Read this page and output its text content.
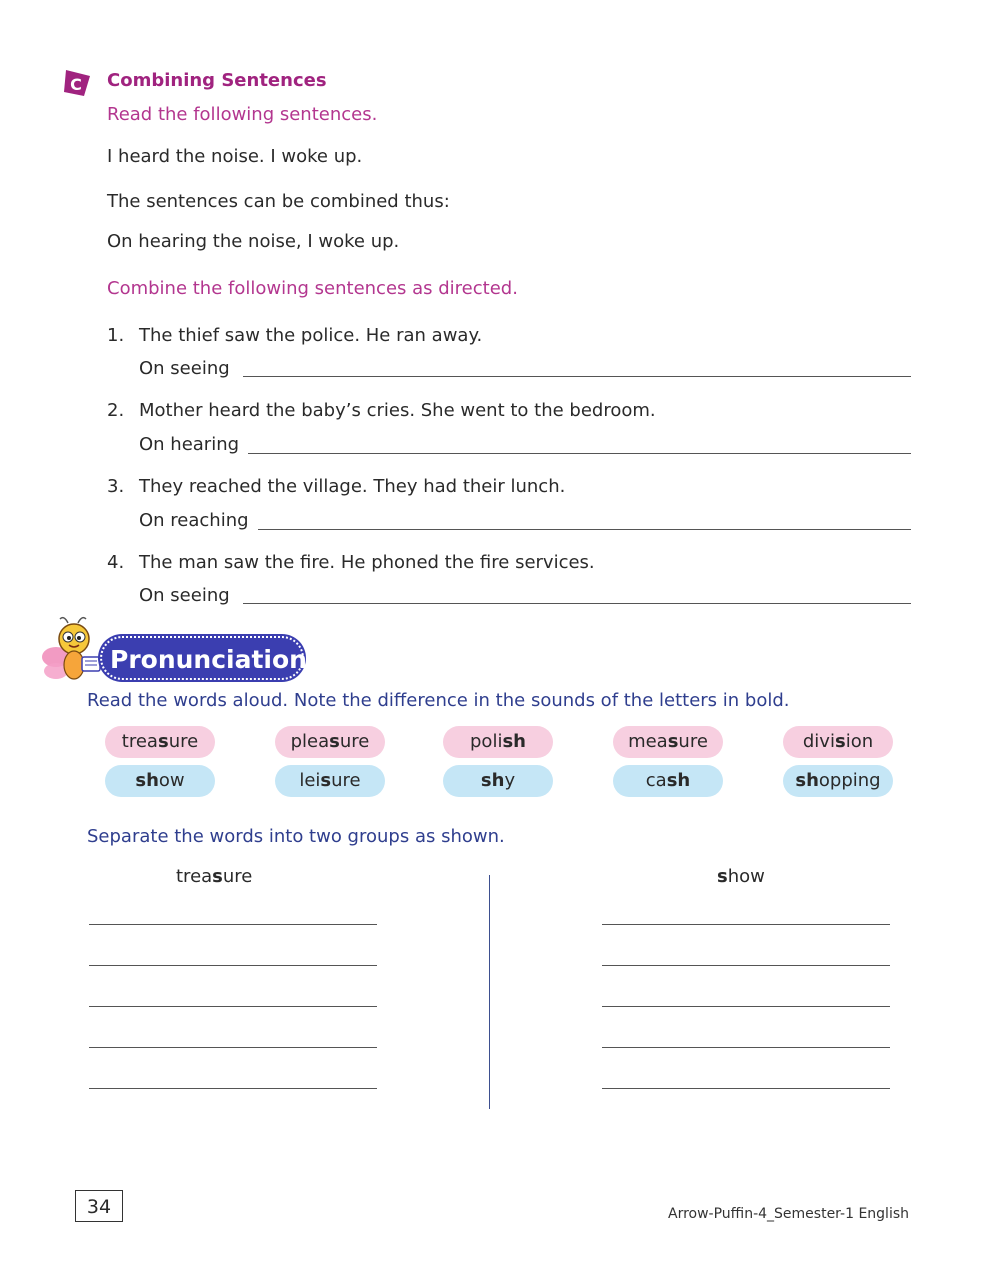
C Combining Sentences
Read the following sentences.
I heard the noise. I woke up.
The sentences can be combined thus:
On hearing the noise, I woke up.
Combine the following sentences as directed.
1. The thief saw the police. He ran away.
On seeing
2. Mother heard the baby’s cries. She went to the bedroom.
On hearing
3. They reached the village. They had their lunch.
On reaching
4. The man saw the fire. He phoned the fire services.
On seeing
Pronunciation
Read the words aloud. Note the difference in the sounds of the letters in bold.
treasure	pleasure	polish	measure	division
show	leisure	shy	cash	shopping
Separate the words into two groups as shown.
treasure	show
34	Arrow-Puffin-4_Semester-1 English
